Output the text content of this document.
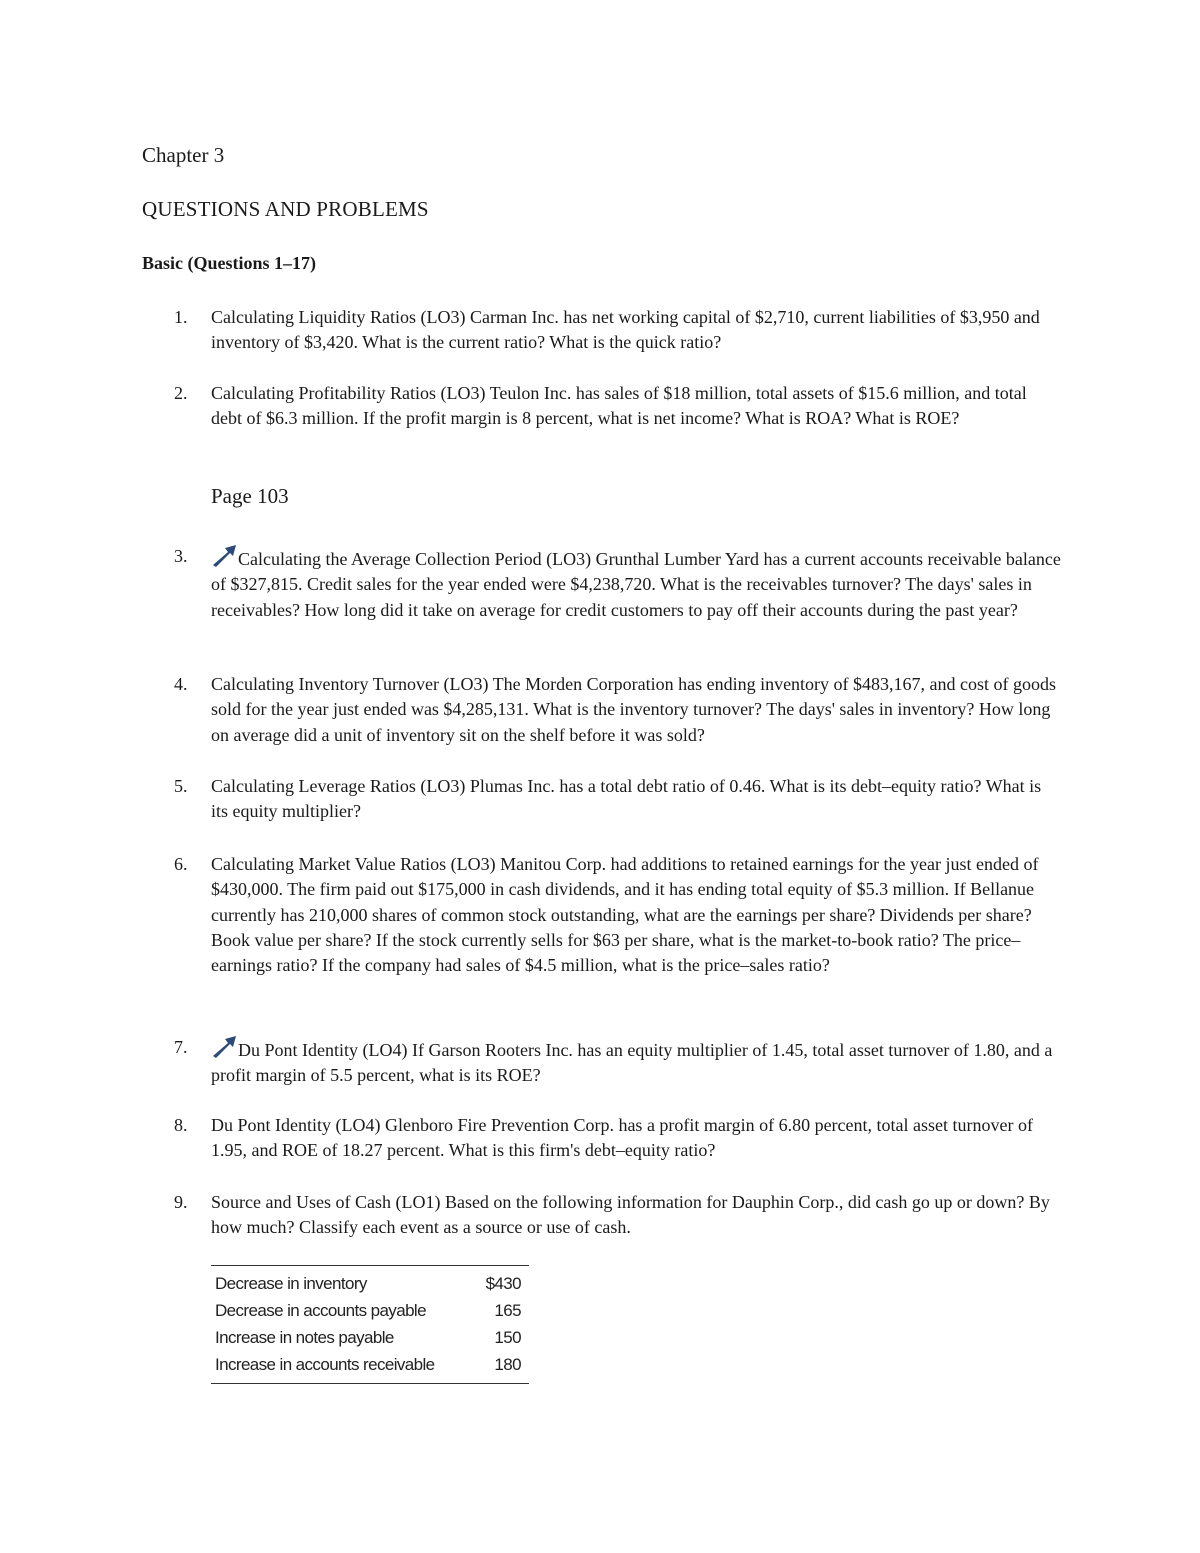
Chapter 3
QUESTIONS AND PROBLEMS
Basic (Questions 1–17)
1. Calculating Liquidity Ratios (LO3) Carman Inc. has net working capital of $2,710, current liabilities of $3,950 and inventory of $3,420. What is the current ratio? What is the quick ratio?
2. Calculating Profitability Ratios (LO3) Teulon Inc. has sales of $18 million, total assets of $15.6 million, and total debt of $6.3 million. If the profit margin is 8 percent, what is net income? What is ROA? What is ROE?
Page 103
3.	Calculating the Average Collection Period (LO3) Grunthal Lumber Yard has a current accounts receivable balance of $327,815. Credit sales for the year ended were $4,238,720. What is the receivables turnover? The days' sales in receivables? How long did it take on average for credit customers to pay off their accounts during the past year?
4. Calculating Inventory Turnover (LO3) The Morden Corporation has ending inventory of $483,167, and cost of goods sold for the year just ended was $4,285,131. What is the inventory turnover? The days' sales in inventory? How long on average did a unit of inventory sit on the shelf before it was sold?
5. Calculating Leverage Ratios (LO3) Plumas Inc. has a total debt ratio of 0.46. What is its debt–equity ratio? What is its equity multiplier?
6. Calculating Market Value Ratios (LO3) Manitou Corp. had additions to retained earnings for the year just ended of $430,000. The firm paid out $175,000 in cash dividends, and it has ending total equity of $5.3 million. If Bellanue currently has 210,000 shares of common stock outstanding, what are the earnings per share? Dividends per share? Book value per share? If the stock currently sells for $63 per share, what is the market-to-book ratio? The price–earnings ratio? If the company had sales of $4.5 million, what is the price–sales ratio?
7.	Du Pont Identity (LO4) If Garson Rooters Inc. has an equity multiplier of 1.45, total asset turnover of 1.80, and a profit margin of 5.5 percent, what is its ROE?
8. Du Pont Identity (LO4) Glenboro Fire Prevention Corp. has a profit margin of 6.80 percent, total asset turnover of 1.95, and ROE of 18.27 percent. What is this firm's debt–equity ratio?
9. Source and Uses of Cash (LO1) Based on the following information for Dauphin Corp., did cash go up or down? By how much? Classify each event as a source or use of cash.
Decrease in inventory	$430
Decrease in accounts payable	165
Increase in notes payable	150
Increase in accounts receivable	180
